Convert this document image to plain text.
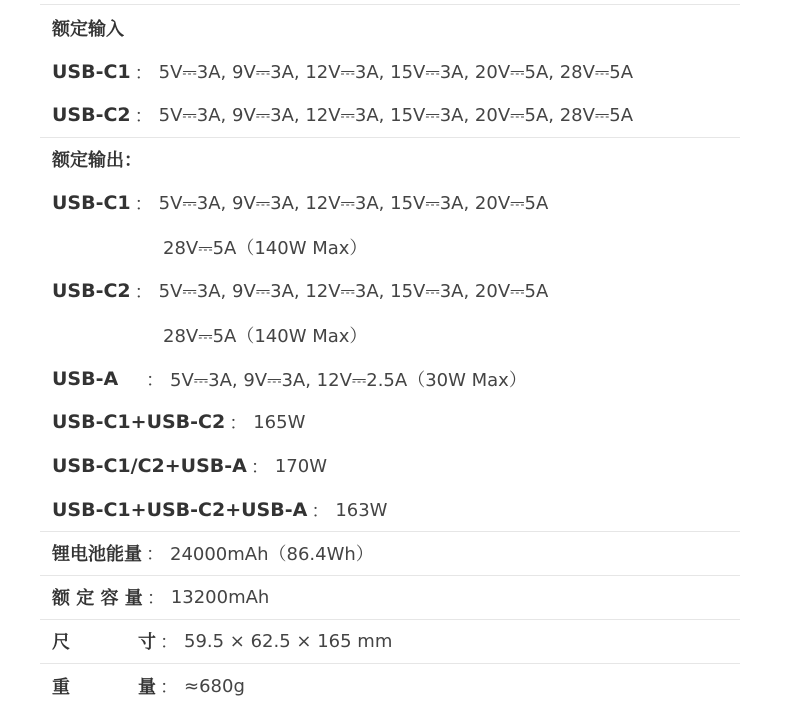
额定输入
USB-C1 ： 5V⎓3A, 9V⎓3A, 12V⎓3A, 15V⎓3A, 20V⎓5A, 28V⎓5A
USB-C2 ： 5V⎓3A, 9V⎓3A, 12V⎓3A, 15V⎓3A, 20V⎓5A, 28V⎓5A
额定输出：
USB-C1 ： 5V⎓3A, 9V⎓3A, 12V⎓3A, 15V⎓3A, 20V⎓5A
28V⎓5A（140W Max）
USB-C2 ： 5V⎓3A, 9V⎓3A, 12V⎓3A, 15V⎓3A, 20V⎓5A
28V⎓5A（140W Max）
USB-A	： 5V⎓3A, 9V⎓3A, 12V⎓2.5A（30W Max）
USB-C1+USB-C2 ： 165W
USB-C1/C2+USB-A ： 170W
USB-C1+USB-C2+USB-A ： 163W
锂电池能量 ： 24000mAh（86.4Wh）
额 定 容 量 ： 13200mAh
尺	寸 ： 59.5 × 62.5 × 165 mm
重	量 ： ≈680g
